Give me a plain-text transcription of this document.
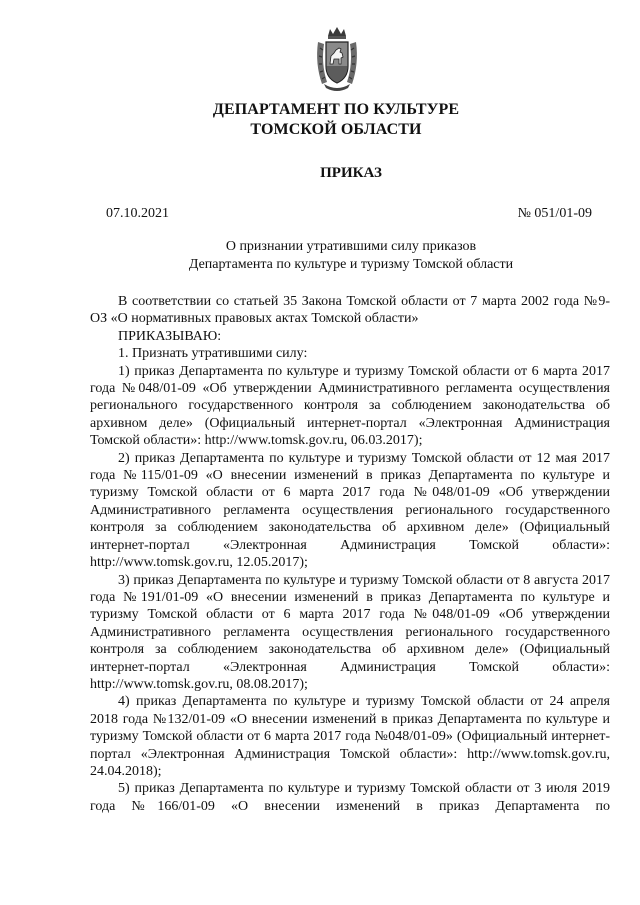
ДЕПАРТАМЕНТ ПО КУЛЬТУРЕ
ТОМСКОЙ ОБЛАСТИ
ПРИКАЗ
07.10.2021	№ 051/01-09
О признании утратившими силу приказов
Департамента по культуре и туризму Томской области

В соответствии со статьей 35 Закона Томской области от 7 марта 2002 года №9-ОЗ «О нормативных правовых актах Томской области»

ПРИКАЗЫВАЮ:

1. Признать утратившими силу:

1) приказ Департамента по культуре и туризму Томской области от 6 марта 2017 года №048/01-09 «Об утверждении Административного регламента осуществления регионального государственного контроля за соблюдением законодательства об архивном деле» (Официальный интернет-портал «Электронная Администрация Томской области»: http://www.tomsk.gov.ru, 06.03.2017);

2) приказ Департамента по культуре и туризму Томской области от 12 мая 2017 года №115/01-09 «О внесении изменений в приказ Департамента по культуре и туризму Томской области от 6 марта 2017 года №048/01-09 «Об утверждении Административного регламента осуществления регионального государственного контроля за соблюдением законодательства об архивном деле» (Официальный интернет-портал «Электронная Администрация Томской области»: http://www.tomsk.gov.ru, 12.05.2017);

3) приказ Департамента по культуре и туризму Томской области от 8 августа 2017 года №191/01-09 «О внесении изменений в приказ Департамента по культуре и туризму Томской области от 6 марта 2017 года №048/01-09 «Об утверждении Административного регламента осуществления регионального государственного контроля за соблюдением законодательства об архивном деле» (Официальный интернет-портал «Электронная Администрация Томской области»: http://www.tomsk.gov.ru, 08.08.2017);

4) приказ Департамента по культуре и туризму Томской области от 24 апреля 2018 года №132/01-09 «О внесении изменений в приказ Департамента по культуре и туризму Томской области от 6 марта 2017 года №048/01-09» (Официальный интернет-портал «Электронная Администрация Томской области»: http://www.tomsk.gov.ru, 24.04.2018);

5) приказ Департамента по культуре и туризму Томской области от 3 июля 2019 года №166/01-09 «О внесении изменений в приказ Департамента по
